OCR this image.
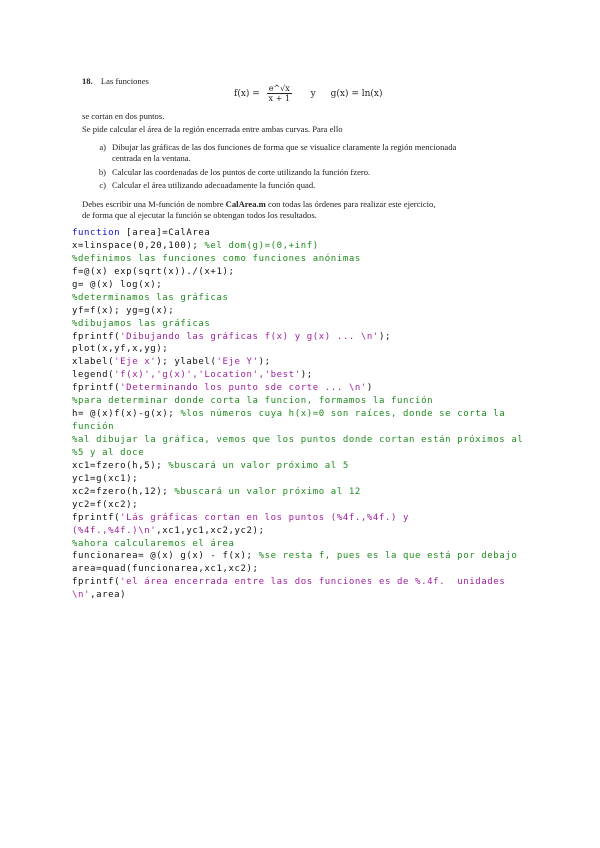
18. Las funciones
$f(x) = \frac{e\^{}√x}{x + 1}$ y g(x) = ln(x)
se cortan en dos puntos.
Se pide calcular el área de la región encerrada entre ambas curvas. Para ello
a) Dibujar las gráficas de las dos funciones de forma que se visualice claramente la región mencionada
centrada en la ventana.
b) Calcular las coordenadas de los puntos de corte utilizando la función fzero.
c) Calcular el área utilizando adecuadamente la función quad.
Debes escribir una M-función de nombre CalArea.m con todas las órdenes para realizar este ejercicio,
de forma que al ejecutar la función se obtengan todos los resultados.
function [area]=CalArea
x=linspace(0,20,100); %el dom(g)=(0,+inf)
%definimos las funciones como funciones anónimas
f=@(x) exp(sqrt(x))./(x+1);
g= @(x) log(x);
%determinamos las gráficas
yf=f(x); yg=g(x);
%dibujamos las gráficas
fprintf('Dibujando las gráficas f(x) y g(x) ... \n');
plot(x,yf,x,yg);
xlabel('Eje x'); ylabel('Eje Y');
legend('f(x)','g(x)','Location','best');
fprintf('Determinando los punto sde corte ... \n')
%para determinar donde corta la funcion, formamos la función
h= @(x)f(x)-g(x); %los números cuya h(x)=0 son raíces, donde se corta la
función
%al dibujar la gráfica, vemos que los puntos donde cortan están próximos al
%5 y al doce
xc1=fzero(h,5); %buscará un valor próximo al 5
yc1=g(xc1);
xc2=fzero(h,12); %buscará un valor próximo al 12
yc2=f(xc2);
fprintf('Lás gráficas cortan en los puntos (%4f.,%4f.) y
(%4f.,%4f.)\n',xc1,yc1,xc2,yc2);
%ahora calcularemos el área
funcionarea= @(x) g(x) - f(x); %se resta f, pues es la que está por debajo
area=quad(funcionarea,xc1,xc2);
fprintf('el área encerrada entre las dos funciones es de %.4f.  unidades
\n',area)
